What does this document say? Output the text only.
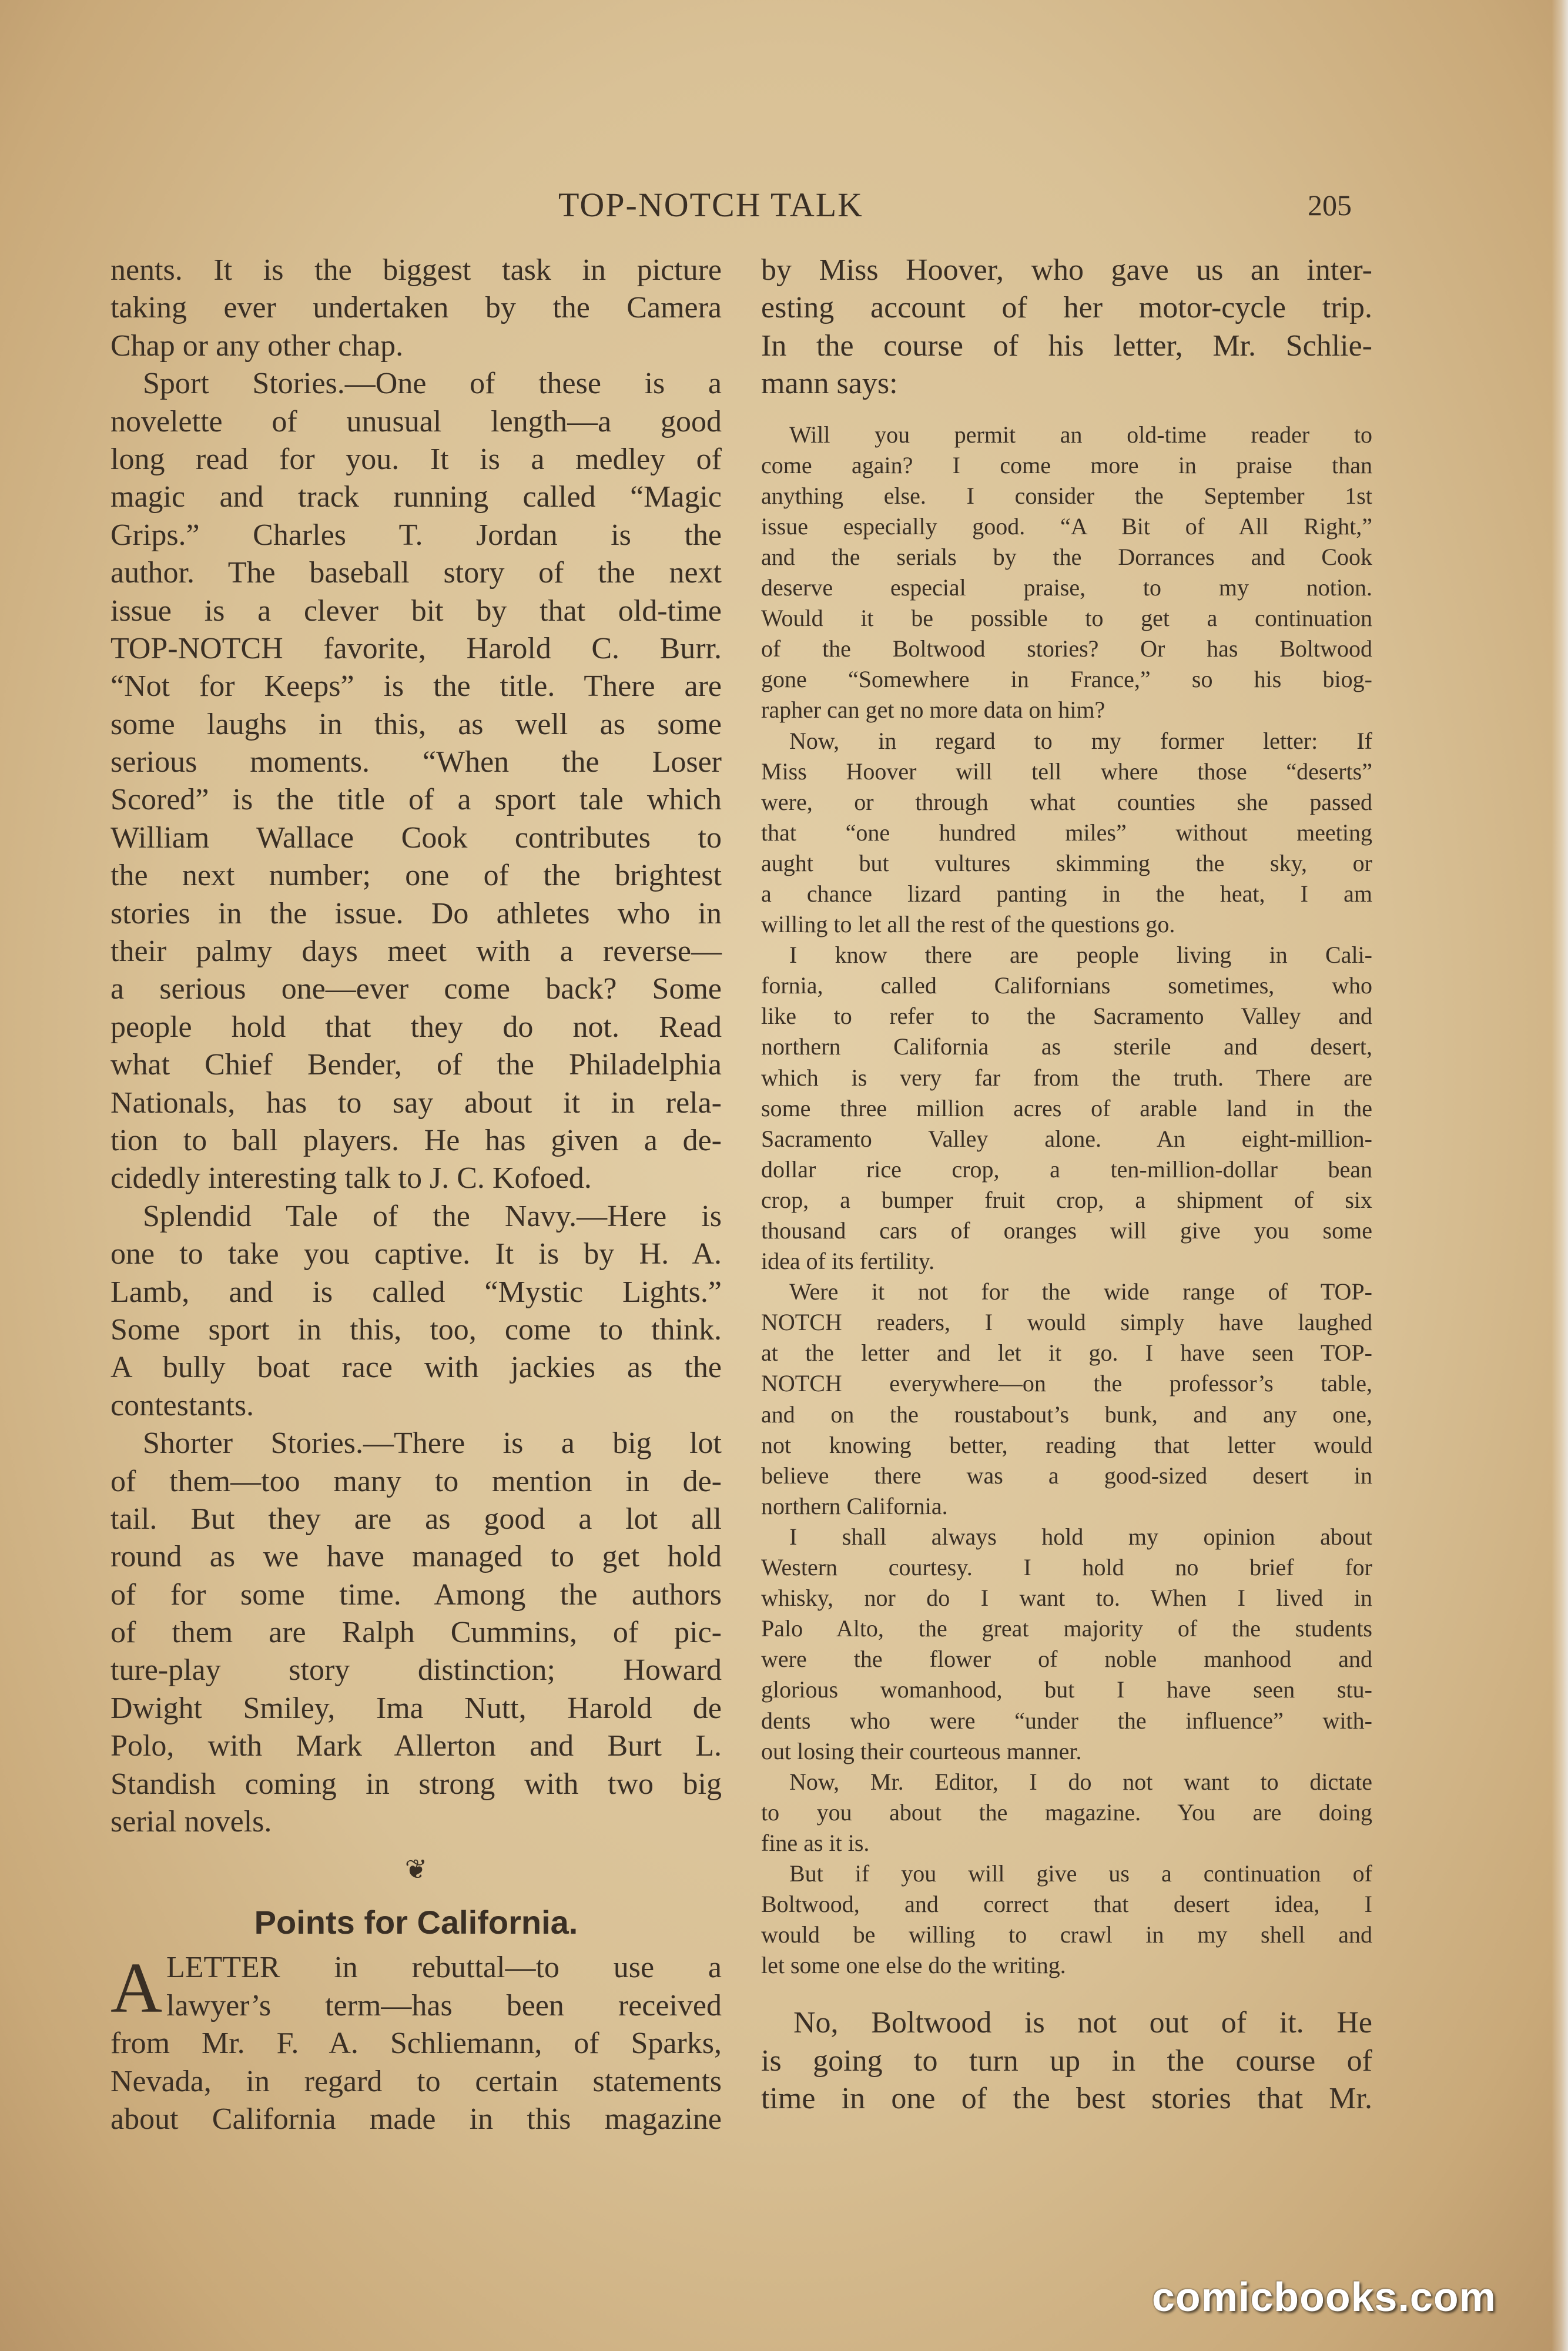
TOP-NOTCH TALK	205
nents. It is the biggest task in picture
taking ever undertaken by the Camera
Chap or any other chap.
Sport Stories.—One of these is a
novelette of unusual length—a good
long read for you. It is a medley of
magic and track running called “Magic
Grips.” Charles T. Jordan is the
author. The baseball story of the next
issue is a clever bit by that old-time
TOP-NOTCH favorite, Harold C. Burr.
“Not for Keeps” is the title. There are
some laughs in this, as well as some
serious moments. “When the Loser
Scored” is the title of a sport tale which
William Wallace Cook contributes to
the next number; one of the brightest
stories in the issue. Do athletes who in
their palmy days meet with a reverse—
a serious one—ever come back? Some
people hold that they do not. Read
what Chief Bender, of the Philadelphia
Nationals, has to say about it in rela-
tion to ball players. He has given a de-
cidedly interesting talk to J. C. Kofoed.
Splendid Tale of the Navy.—Here is
one to take you captive. It is by H. A.
Lamb, and is called “Mystic Lights.”
Some sport in this, too, come to think.
A bully boat race with jackies as the
contestants.
Shorter Stories.—There is a big lot
of them—too many to mention in de-
tail. But they are as good a lot all
round as we have managed to get hold
of for some time. Among the authors
of them are Ralph Cummins, of pic-
ture-play story distinction; Howard
Dwight Smiley, Ima Nutt, Harold de
Polo, with Mark Allerton and Burt L.
Standish coming in strong with two big
serial novels.
❦
Points for California.
A LETTER in rebuttal—to use a
lawyer’s term—has been received
from Mr. F. A. Schliemann, of Sparks,
Nevada, in regard to certain statements
about California made in this magazine
by Miss Hoover, who gave us an inter-
esting account of her motor-cycle trip.
In the course of his letter, Mr. Schlie-
mann says:
Will you permit an old-time reader to
come again? I come more in praise than
anything else. I consider the September 1st
issue especially good. “A Bit of All Right,”
and the serials by the Dorrances and Cook
deserve especial praise, to my notion.
Would it be possible to get a continuation
of the Boltwood stories? Or has Boltwood
gone “Somewhere in France,” so his biog-
rapher can get no more data on him?
Now, in regard to my former letter: If
Miss Hoover will tell where those “deserts”
were, or through what counties she passed
that “one hundred miles” without meeting
aught but vultures skimming the sky, or
a chance lizard panting in the heat, I am
willing to let all the rest of the questions go.
I know there are people living in Cali-
fornia, called Californians sometimes, who
like to refer to the Sacramento Valley and
northern California as sterile and desert,
which is very far from the truth. There are
some three million acres of arable land in the
Sacramento Valley alone. An eight-million-
dollar rice crop, a ten-million-dollar bean
crop, a bumper fruit crop, a shipment of six
thousand cars of oranges will give you some
idea of its fertility.
Were it not for the wide range of TOP-
NOTCH readers, I would simply have laughed
at the letter and let it go. I have seen TOP-
NOTCH everywhere—on the professor’s table,
and on the roustabout’s bunk, and any one,
not knowing better, reading that letter would
believe there was a good-sized desert in
northern California.
I shall always hold my opinion about
Western courtesy. I hold no brief for
whisky, nor do I want to. When I lived in
Palo Alto, the great majority of the students
were the flower of noble manhood and
glorious womanhood, but I have seen stu-
dents who were “under the influence” with-
out losing their courteous manner.
Now, Mr. Editor, I do not want to dictate
to you about the magazine. You are doing
fine as it is.
But if you will give us a continuation of
Boltwood, and correct that desert idea, I
would be willing to crawl in my shell and
let some one else do the writing.
No, Boltwood is not out of it. He
is going to turn up in the course of
time in one of the best stories that Mr.
comicbooks.com
